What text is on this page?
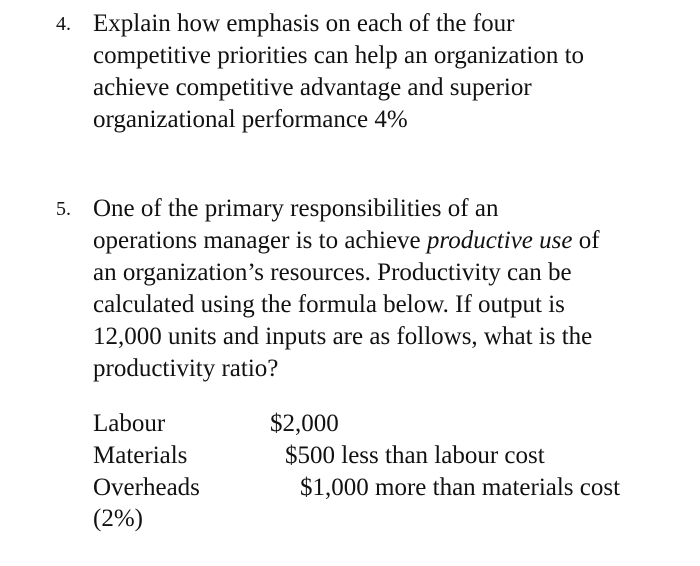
4. Explain how emphasis on each of the four
competitive priorities can help an organization to
achieve competitive advantage and superior
organizational performance 4%
5. One of the primary responsibilities of an
operations manager is to achieve productive use of
an organization’s resources. Productivity can be
calculated using the formula below. If output is
12,000 units and inputs are as follows, what is the
productivity ratio?
Labour	$2,000
Materials	$500 less than labour cost
Overheads	$1,000 more than materials cost
(2%)
